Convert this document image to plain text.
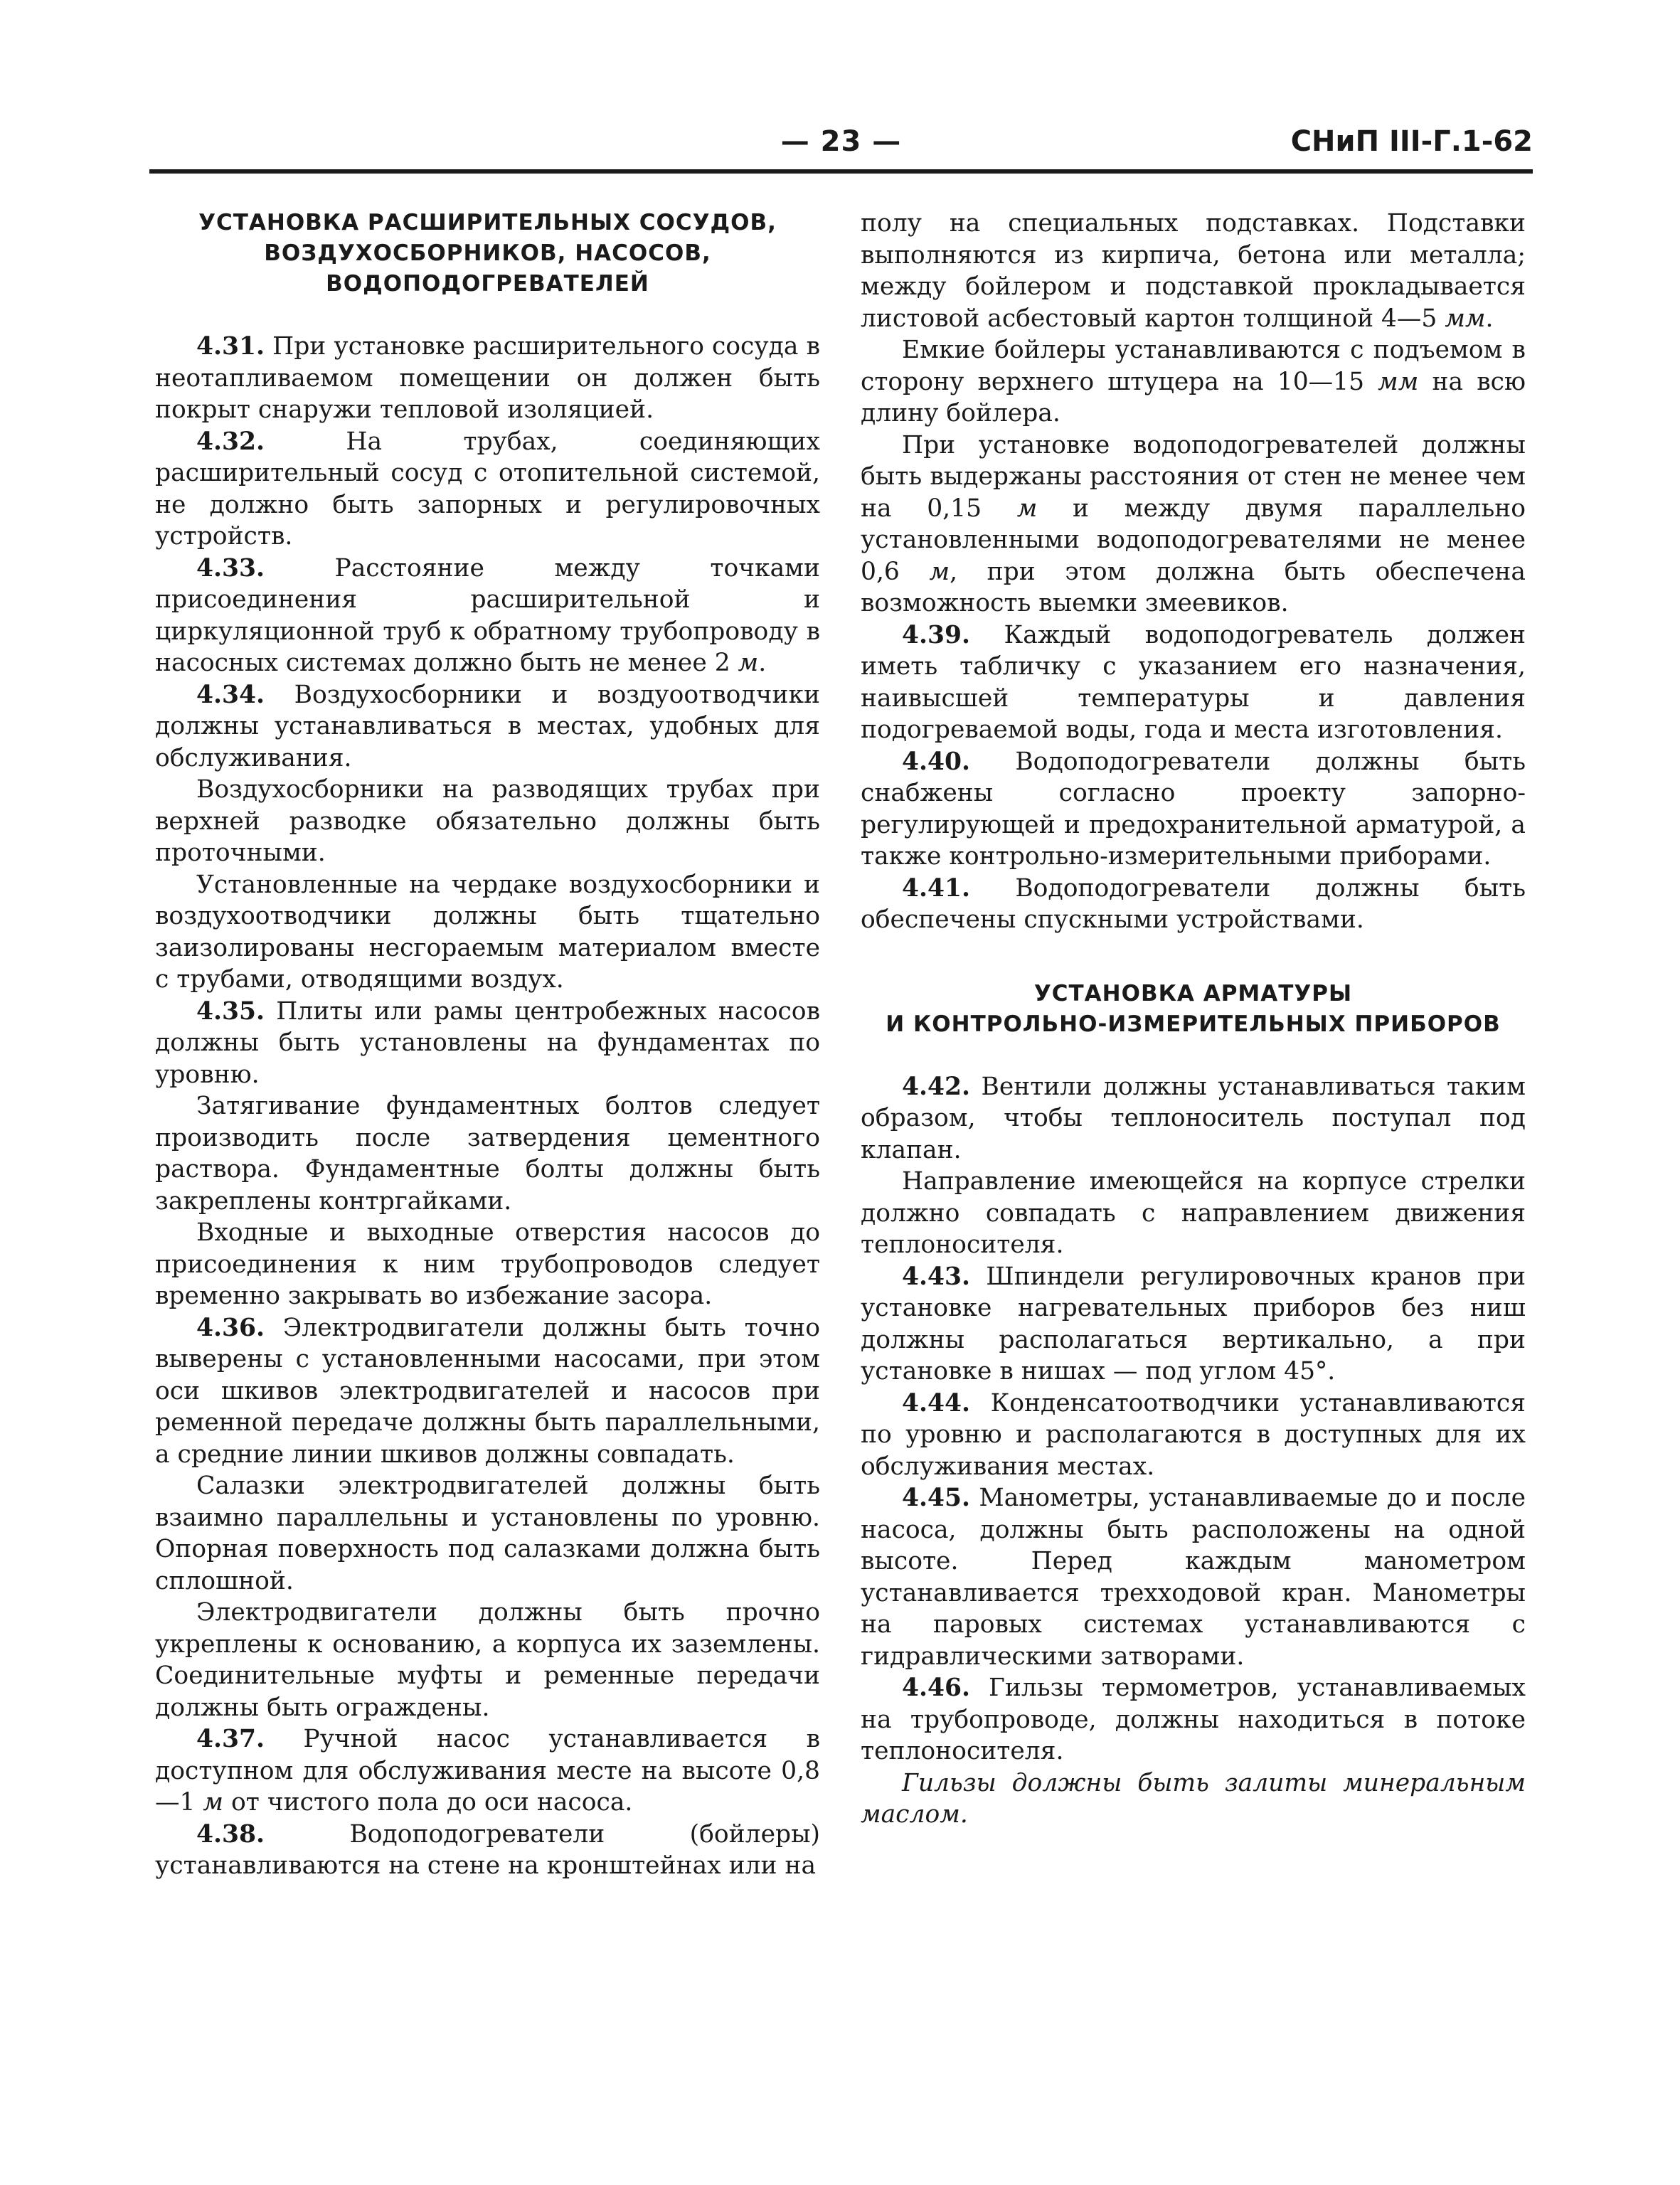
— 23 —	СНиП III-Г.1-62
УСТАНОВКА РАСШИРИТЕЛЬНЫХ СОСУДОВ,
ВОЗДУХОСБОРНИКОВ, НАСОСОВ,
ВОДОПОДОГРЕВАТЕЛЕЙ

4.31. При установке расширительного сосуда в неотапливаемом помещении он должен быть покрыт снаружи тепловой изоляцией.

4.32. На трубах, соединяющих расширительный сосуд с отопительной системой, не должно быть запорных и регулировочных устройств.

4.33. Расстояние между точками присоединения расширительной и циркуляционной труб к обратному трубопроводу в насосных системах должно быть не менее 2 м.

4.34. Воздухосборники и воздуоотводчики должны устанавливаться в местах, удобных для обслуживания.

Воздухосборники на разводящих трубах при верхней разводке обязательно должны быть проточными.

Установленные на чердаке воздухосборники и воздухоотводчики должны быть тщательно заизолированы несгораемым материалом вместе с трубами, отводящими воздух.

4.35. Плиты или рамы центробежных насосов должны быть установлены на фундаментах по уровню.

Затягивание фундаментных болтов следует производить после затвердения цементного раствора. Фундаментные болты должны быть закреплены контргайками.

Входные и выходные отверстия насосов до присоединения к ним трубопроводов следует временно закрывать во избежание засора.

4.36. Электродвигатели должны быть точно выверены с установленными насосами, при этом оси шкивов электродвигателей и насосов при ременной передаче должны быть параллельными, а средние линии шкивов должны совпадать.

Салазки электродвигателей должны быть взаимно параллельны и установлены по уровню. Опорная поверхность под салазками должна быть сплошной.

Электродвигатели должны быть прочно укреплены к основанию, а корпуса их заземлены. Соединительные муфты и ременные передачи должны быть ограждены.

4.37. Ручной насос устанавливается в доступном для обслуживания месте на высоте 0,8—1 м от чистого пола до оси насоса.

4.38. Водоподогреватели (бойлеры) устанавливаются на стене на кронштейнах или на

полу на специальных подставках. Подставки выполняются из кирпича, бетона или металла; между бойлером и подставкой прокладывается листовой асбестовый картон толщиной 4—5 мм.

Емкие бойлеры устанавливаются с подъемом в сторону верхнего штуцера на 10—15 мм на всю длину бойлера.

При установке водоподогревателей должны быть выдержаны расстояния от стен не менее чем на 0,15 м и между двумя параллельно установленными водоподогревателями не менее 0,6 м, при этом должна быть обеспечена возможность выемки змеевиков.

4.39. Каждый водоподогреватель должен иметь табличку с указанием его назначения, наивысшей температуры и давления подогреваемой воды, года и места изготовления.

4.40. Водоподогреватели должны быть снабжены согласно проекту запорно-регулирующей и предохранительной арматурой, а также контрольно-измерительными приборами.

4.41. Водоподогреватели должны быть обеспечены спускными устройствами.

УСТАНОВКА АРМАТУРЫ
И КОНТРОЛЬНО-ИЗМЕРИТЕЛЬНЫХ ПРИБОРОВ

4.42. Вентили должны устанавливаться таким образом, чтобы теплоноситель поступал под клапан.

Направление имеющейся на корпусе стрелки должно совпадать с направлением движения теплоносителя.

4.43. Шпиндели регулировочных кранов при установке нагревательных приборов без ниш должны располагаться вертикально, а при установке в нишах — под углом 45°.

4.44. Конденсатоотводчики устанавливаются по уровню и располагаются в доступных для их обслуживания местах.

4.45. Манометры, устанавливаемые до и после насоса, должны быть расположены на одной высоте. Перед каждым манометром устанавливается трехходовой кран. Манометры на паровых системах устанавливаются с гидравлическими затворами.

4.46. Гильзы термометров, устанавливаемых на трубопроводе, должны находиться в потоке теплоносителя.

Гильзы должны быть залиты минеральным маслом.
